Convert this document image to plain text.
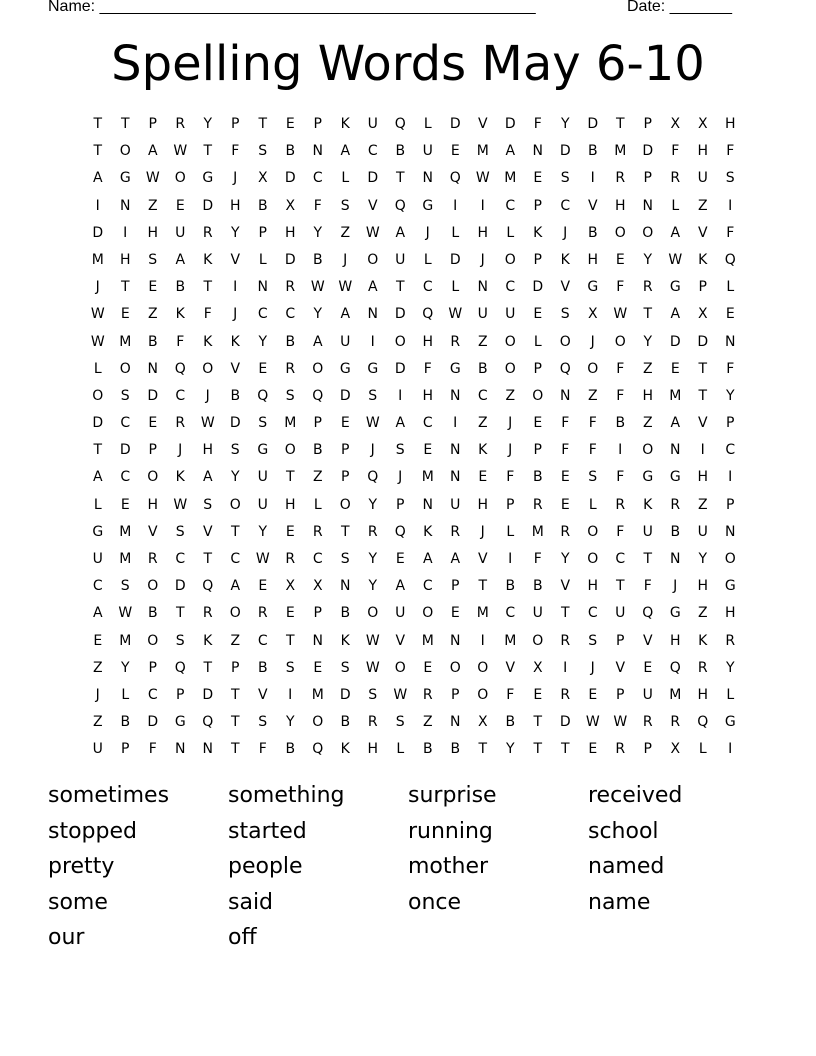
Name: _________________________________________________	Date: _______
Spelling Words May 6-10
T	T	P	R	Y	P	T	E	P	K	U	Q	L	D	V	D	F	Y	D	T	P	X	X	H
T	O	A	W	T	F	S	B	N	A	C	B	U	E	M	A	N	D	B	M	D	F	H	F
A	G	W	O	G	J	X	D	C	L	D	T	N	Q	W	M	E	S	I	R	P	R	U	S
I	N	Z	E	D	H	B	X	F	S	V	Q	G	I	I	C	P	C	V	H	N	L	Z	I
D	I	H	U	R	Y	P	H	Y	Z	W	A	J	L	H	L	K	J	B	O	O	A	V	F
M	H	S	A	K	V	L	D	B	J	O	U	L	D	J	O	P	K	H	E	Y	W	K	Q
J	T	E	B	T	I	N	R	W W	A	T	C	L	N	C	D	V	G	F	R	G	P	L
W	E	Z	K	F	J	C	C	Y	A	N	D	Q	W	U	U	E	S	X	W	T	A	X	E
W	M	B	F	K	K	Y	B	A	U	I	O	H	R	Z	O	L	O	J	O	Y	D	D	N
L	O	N	Q	O	V	E	R	O	G	G	D	F	G	B	O	P	Q	O	F	Z	E	T	F
O	S	D	C	J	B	Q	S	Q	D	S	I	H	N	C	Z	O	N	Z	F	H	M	T	Y
D	C	E	R	W	D	S	M	P	E	W	A	C	I	Z	J	E	F	F	B	Z	A	V	P
T	D	P	J	H	S	G	O	B	P	J	S	E	N	K	J	P	F	F	I	O	N	I	C
A	C	O	K	A	Y	U	T	Z	P	Q	J	M	N	E	F	B	E	S	F	G	G	H	I
L	E	H	W	S	O	U	H	L	O	Y	P	N	U	H	P	R	E	L	R	K	R	Z	P
G	M	V	S	V	T	Y	E	R	T	R	Q	K	R	J	L	M	R	O	F	U	B	U	N
U	M	R	C	T	C	W	R	C	S	Y	E	A	A	V	I	F	Y	O	C	T	N	Y	O
C	S	O	D	Q	A	E	X	X	N	Y	A	C	P	T	B	B	V	H	T	F	J	H	G
A	W	B	T	R	O	R	E	P	B	O	U	O	E	M	C	U	T	C	U	Q	G	Z	H
E	M	O	S	K	Z	C	T	N	K	W	V	M	N	I	M	O	R	S	P	V	H	K	R
Z	Y	P	Q	T	P	B	S	E	S	W	O	E	O	O	V	X	I	J	V	E	Q	R	Y
J	L	C	P	D	T	V	I	M	D	S	W	R	P	O	F	E	R	E	P	U	M	H	L
Z	B	D	G	Q	T	S	Y	O	B	R	S	Z	N	X	B	T	D	W W	R	R	Q	G
U	P	F	N	N	T	F	B	Q	K	H	L	B	B	T	Y	T	T	E	R	P	X	L	I
sometimes	something	surprise	received
stopped	started	running	school
pretty	people	mother	named
some	said	once	name
our	off
